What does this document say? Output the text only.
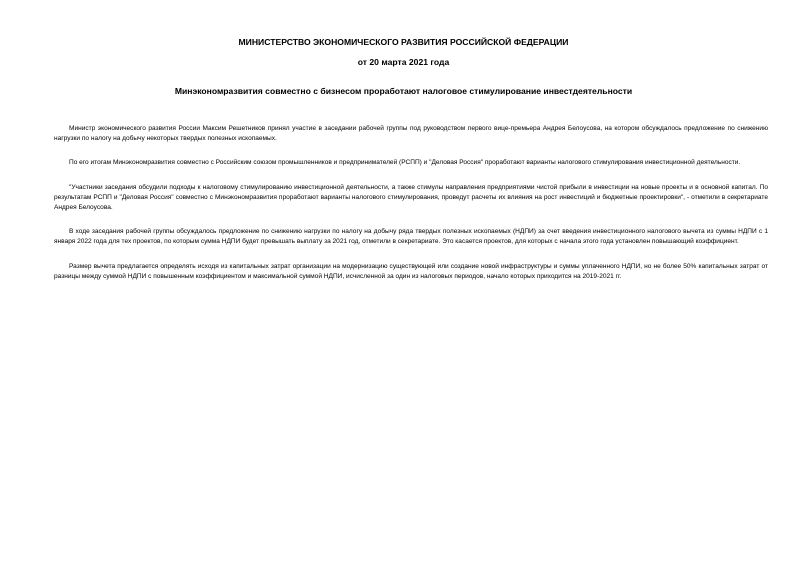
МИНИСТЕРСТВО ЭКОНОМИЧЕСКОГО РАЗВИТИЯ РОССИЙСКОЙ ФЕДЕРАЦИИ

от 20 марта 2021 года

Минэкономразвития совместно с бизнесом проработают налоговое стимулирование инвестдеятельности

Министр экономического развития России Максим Решетников принял участие в заседании рабочей группы под руководством первого вице-премьера Андрея Белоусова, на котором обсуждалось предложение по снижению нагрузки по налогу на добычу некоторых твердых полезных ископаемых.

По его итогам Минэкономразвития совместно с Российским союзом промышленников и предпринимателей (РСПП) и "Деловая Россия" проработают варианты налогового стимулирования инвестиционной деятельности.

"Участники заседания обсудили подходы к налоговому стимулированию инвестиционной деятельности, а также стимулы направления предприятиями чистой прибыли в инвестиции на новые проекты и в основной капитал. По результатам РСПП и "Деловая Россия" совместно с Минэкономразвития проработают варианты налогового стимулирования, проведут расчеты их влияния на рост инвестиций и бюджетные проектировки", - отметили в секретариате Андрея Белоусова.

В ходе заседания рабочей группы обсуждалось предложение по снижению нагрузки по налогу на добычу ряда твердых полезных ископаемых (НДПИ) за счет введения инвестиционного налогового вычета из суммы НДПИ с 1 января 2022 года для тех проектов, по которым сумма НДПИ будет превышать выплату за 2021 год, отметили в секретариате. Это касается проектов, для которых с начала этого года установлен повышающий коэффициент.

Размер вычета предлагается определять исходя из капитальных затрат организации на модернизацию существующей или создание новой инфраструктуры и суммы уплаченного НДПИ, но не более 50% капитальных затрат от разницы между суммой НДПИ с повышенным коэффициентом и максимальной суммой НДПИ, исчисленной за один из налоговых периодов, начало которых приходится на 2019-2021 гг.
